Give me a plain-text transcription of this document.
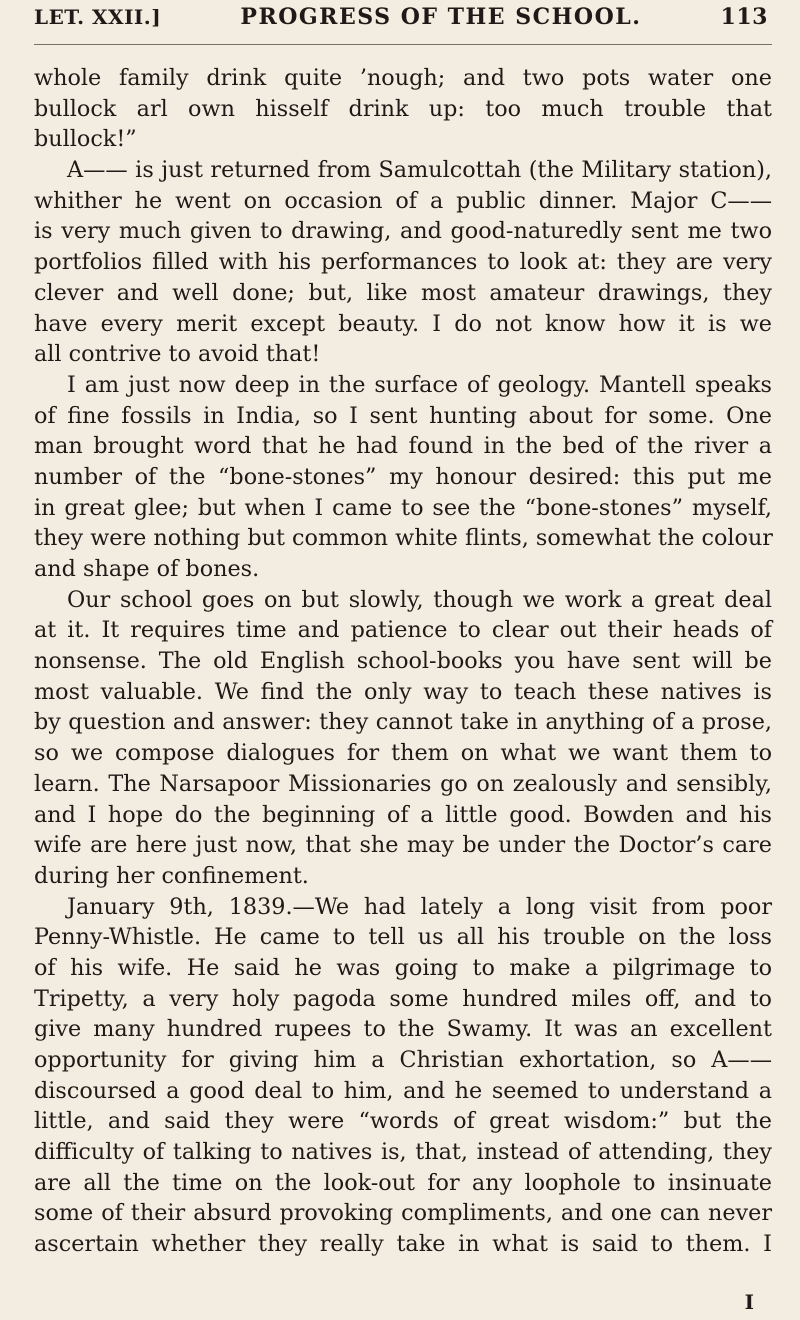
LET. XXII.]	PROGRESS OF THE SCHOOL.	113
whole family drink quite ’nough; and two pots water one
bullock arl own hisself drink up: too much trouble that
bullock!”
A—— is just returned from Samulcottah (the Military station),
whither he went on occasion of a public dinner. Major C——
is very much given to drawing, and good-naturedly sent me two
portfolios filled with his performances to look at: they are very
clever and well done; but, like most amateur drawings, they
have every merit except beauty. I do not know how it is we
all contrive to avoid that!
I am just now deep in the surface of geology. Mantell speaks
of fine fossils in India, so I sent hunting about for some. One
man brought word that he had found in the bed of the river a
number of the “bone-stones” my honour desired: this put me
in great glee; but when I came to see the “bone-stones” myself,
they were nothing but common white flints, somewhat the colour
and shape of bones.
Our school goes on but slowly, though we work a great deal
at it. It requires time and patience to clear out their heads of
nonsense. The old English school-books you have sent will be
most valuable. We find the only way to teach these natives is
by question and answer: they cannot take in anything of a prose,
so we compose dialogues for them on what we want them to
learn. The Narsapoor Missionaries go on zealously and sensibly,
and I hope do the beginning of a little good. Bowden and his
wife are here just now, that she may be under the Doctor’s care
during her confinement.
January 9th, 1839.—We had lately a long visit from poor
Penny-Whistle. He came to tell us all his trouble on the loss
of his wife. He said he was going to make a pilgrimage to
Tripetty, a very holy pagoda some hundred miles off, and to
give many hundred rupees to the Swamy. It was an excellent
opportunity for giving him a Christian exhortation, so A——
discoursed a good deal to him, and he seemed to understand a
little, and said they were “words of great wisdom:” but the
difficulty of talking to natives is, that, instead of attending, they
are all the time on the look-out for any loophole to insinuate
some of their absurd provoking compliments, and one can never
ascertain whether they really take in what is said to them. I
I
